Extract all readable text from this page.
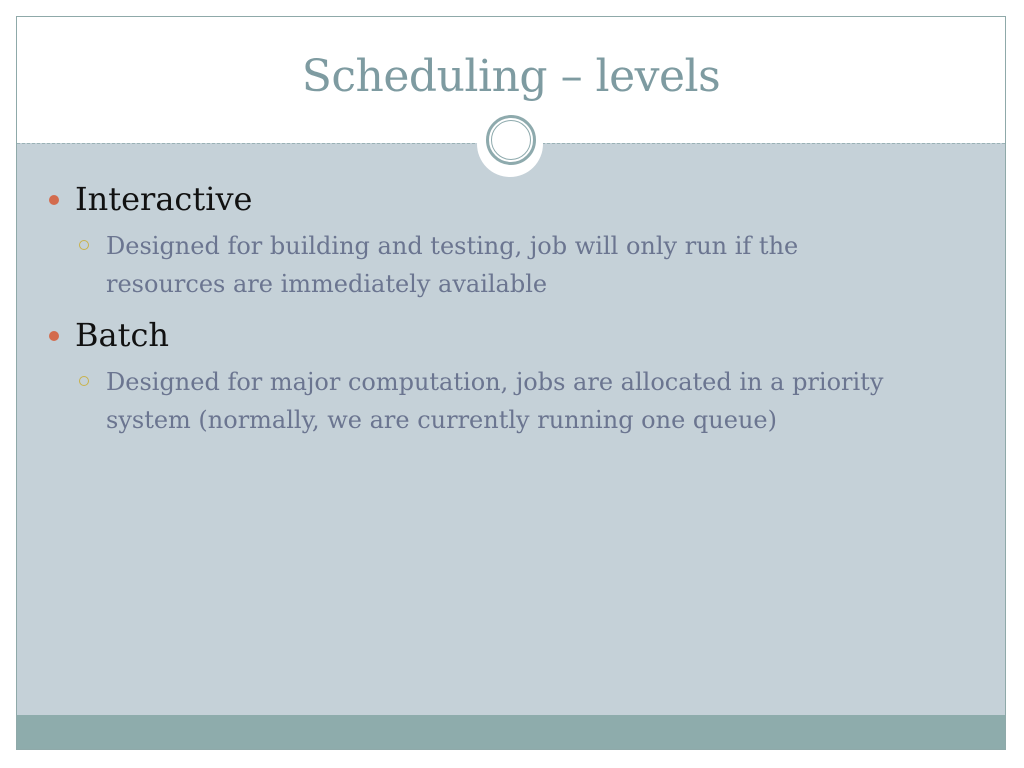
Scheduling – levels
Interactive
Designed for building and testing, job will only run if the resources are immediately available
Batch
Designed for major computation, jobs are allocated in a priority system (normally, we are currently running one queue)
